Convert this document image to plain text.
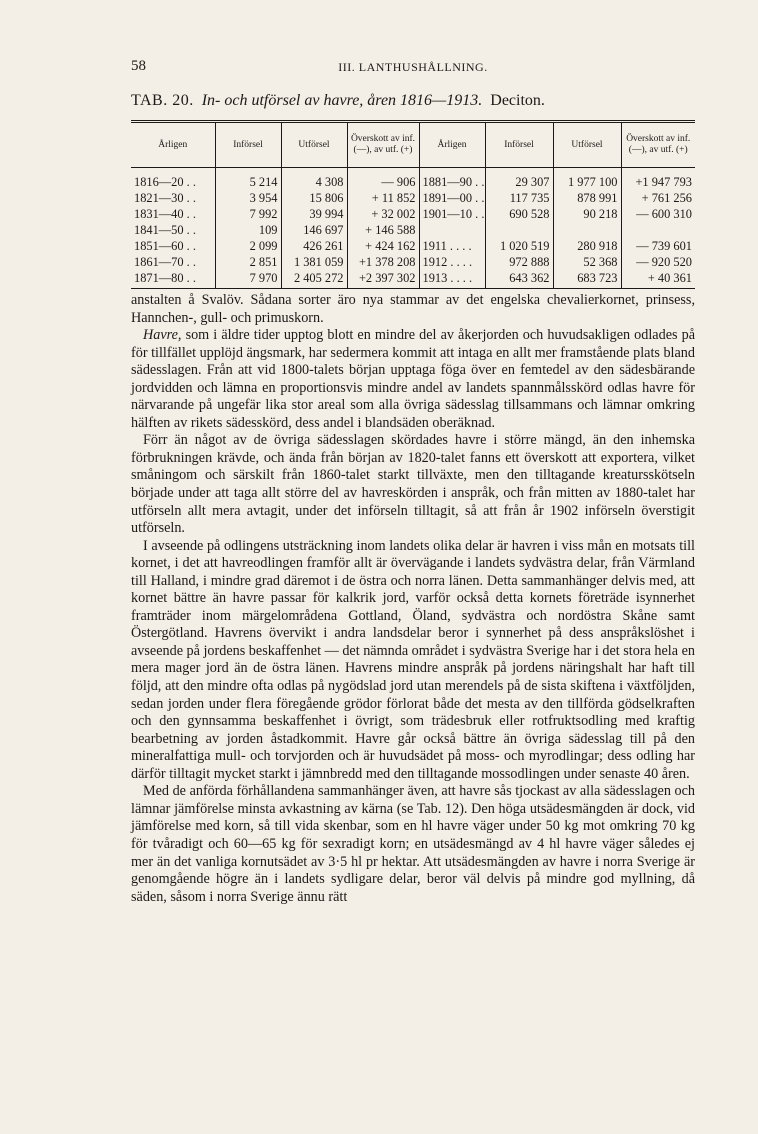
58	III. LANTHUSHÅLLNING.
TAB. 20. In- och utförsel av havre, åren 1816—1913. Deciton.
Årligen	Införsel	Utförsel	Överskott av inf. (—), av utf. (+)	Årligen	Införsel	Utförsel	Överskott av inf. (—), av utf. (+)
1816—20 . .	5 214	4 308	— 906	1881—90 . .	29 307	1 977 100	+1 947 793
1821—30 . .	3 954	15 806	+ 11 852	1891—00 . .	117 735	878 991	+ 761 256
1831—40 . .	7 992	39 994	+ 32 002	1901—10 . .	690 528	90 218	— 600 310
1841—50 . .	109	146 697	+ 146 588				
1851—60 . .	2 099	426 261	+ 424 162	1911 . . . .	1 020 519	280 918	— 739 601
1861—70 . .	2 851	1 381 059	+1 378 208	1912 . . . .	972 888	52 368	— 920 520
1871—80 . .	7 970	2 405 272	+2 397 302	1913 . . . .	643 362	683 723	+ 40 361

anstalten å Svalöv. Sådana sorter äro nya stammar av det engelska chevalierkornet, prinsess, Hannchen-, gull- och primuskorn.

Havre, som i äldre tider upptog blott en mindre del av åkerjorden och huvudsakligen odlades på för tillfället upplöjd ängsmark, har sedermera kommit att intaga en allt mer framstående plats bland sädesslagen. Från att vid 1800-talets början upptaga föga över en femtedel av den sädesbärande jordvidden och lämna en proportionsvis mindre andel av landets spannmålsskörd odlas havre för närvarande på ungefär lika stor areal som alla övriga sädesslag tillsammans och lämnar omkring hälften av rikets sädesskörd, dess andel i blandsäden oberäknad.

Förr än något av de övriga sädesslagen skördades havre i större mängd, än den inhemska förbrukningen krävde, och ända från början av 1820-talet fanns ett överskott att exportera, vilket småningom och särskilt från 1860-talet starkt tillväxte, men den tilltagande kreatursskötseln började under att taga allt större del av havreskörden i anspråk, och från mitten av 1880-talet har utförseln allt mera avtagit, under det införseln tilltagit, så att från år 1902 införseln överstigit utförseln.

I avseende på odlingens utsträckning inom landets olika delar är havren i viss mån en motsats till kornet, i det att havreodlingen framför allt är övervägande i landets sydvästra delar, från Värmland till Halland, i mindre grad däremot i de östra och norra länen. Detta sammanhänger delvis med, att kornet bättre än havre passar för kalkrik jord, varför också detta kornets företräde isynnerhet framträder inom märgelområdena Gottland, Öland, sydvästra och nordöstra Skåne samt Östergötland. Havrens övervikt i andra landsdelar beror i synnerhet på dess anspråkslöshet i avseende på jordens beskaffenhet — det nämnda området i sydvästra Sverige har i det stora hela en mera mager jord än de östra länen. Havrens mindre anspråk på jordens näringshalt har haft till följd, att den mindre ofta odlas på nygödslad jord utan merendels på de sista skiftena i växtföljden, sedan jorden under flera föregående grödor förlorat både det mesta av den tillförda gödselkraften och den gynnsamma beskaffenhet i övrigt, som trädesbruk eller rotfruktsodling med kraftig bearbetning av jorden åstadkommit. Havre går också bättre än övriga sädesslag till på den mineralfattiga mull- och torvjorden och är huvudsädet på moss- och myrodlingar; dess odling har därför tilltagit mycket starkt i jämnbredd med den tilltagande mossodlingen under senaste 40 åren.

Med de anförda förhållandena sammanhänger även, att havre sås tjockast av alla sädesslagen och lämnar jämförelse minsta avkastning av kärna (se Tab. 12). Den höga utsädesmängden är dock, vid jämförelse med korn, så till vida skenbar, som en hl havre väger under 50 kg mot omkring 70 kg för tvåradigt och 60—65 kg för sexradigt korn; en utsädesmängd av 4 hl havre väger således ej mer än det vanliga kornutsädet av 3·5 hl pr hektar. Att utsädesmängden av havre i norra Sverige är genomgående högre än i landets sydligare delar, beror väl delvis på mindre god myllning, då säden, såsom i norra Sverige ännu rätt
